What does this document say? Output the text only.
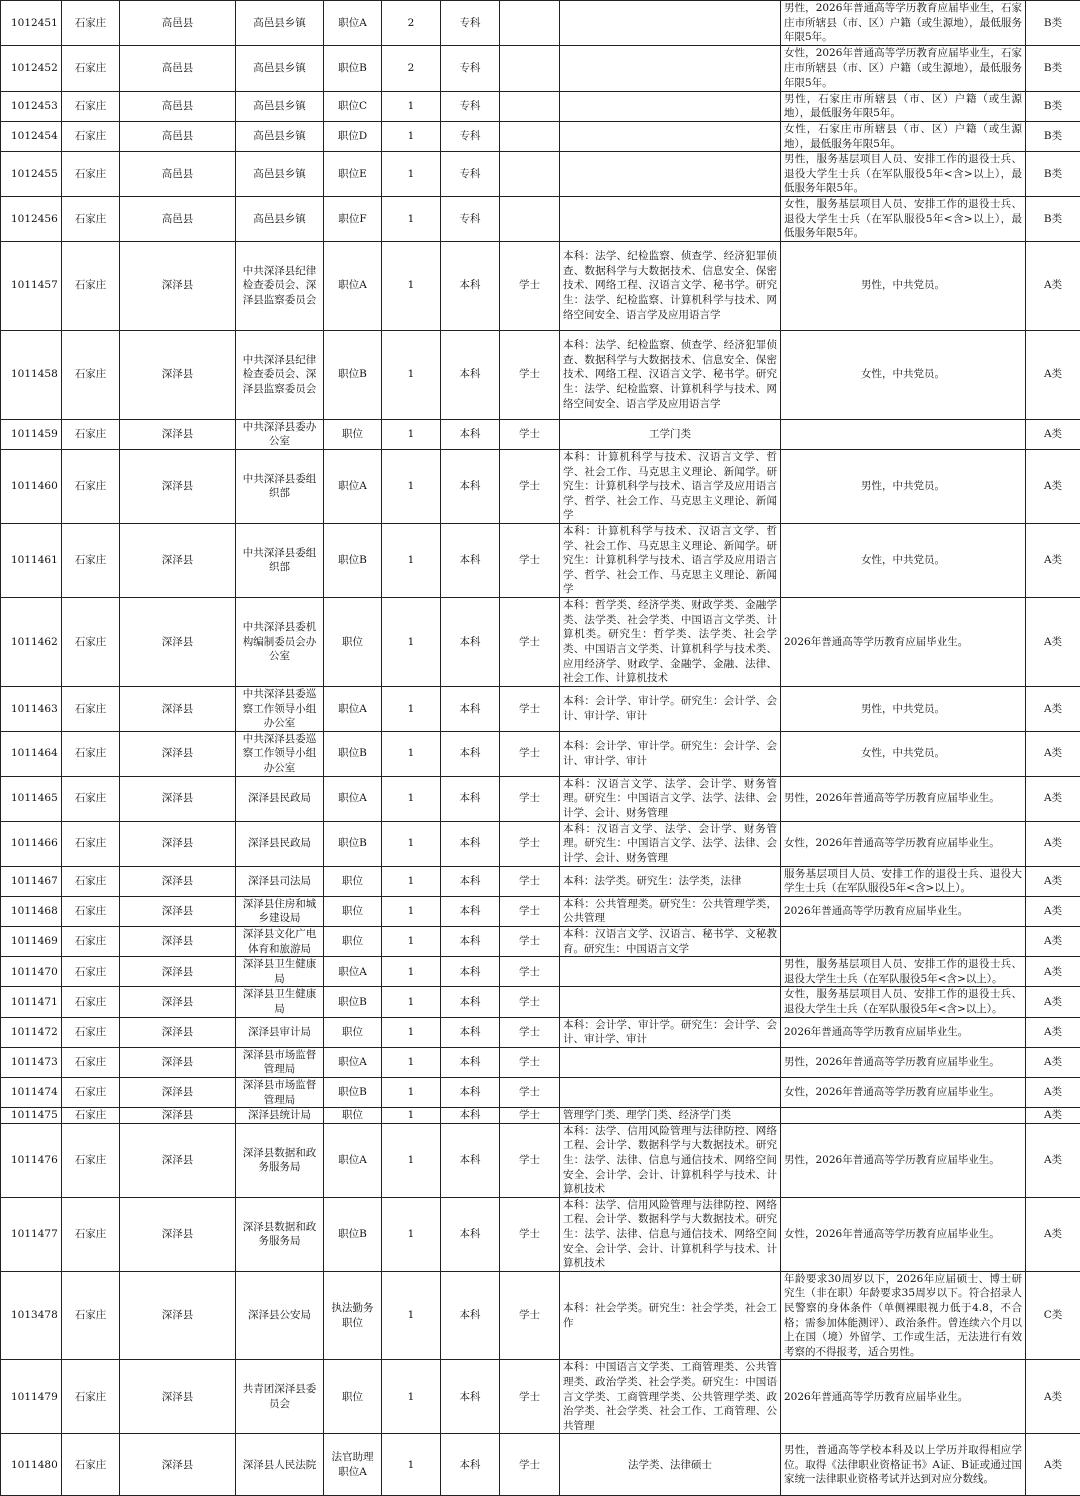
1012451	石家庄	高邑县	高邑县乡镇	职位A	2	专科			男性，2026年普通高等学历教育应届毕业生，石家庄市所辖县（市、区）户籍（或生源地），最低服务年限5年。	B类
1012452	石家庄	高邑县	高邑县乡镇	职位B	2	专科			女性，2026年普通高等学历教育应届毕业生，石家庄市所辖县（市、区）户籍（或生源地），最低服务年限5年。	B类
1012453	石家庄	高邑县	高邑县乡镇	职位C	1	专科			男性，石家庄市所辖县（市、区）户籍（或生源地），最低服务年限5年。	B类
1012454	石家庄	高邑县	高邑县乡镇	职位D	1	专科			女性，石家庄市所辖县（市、区）户籍（或生源地），最低服务年限5年。	B类
1012455	石家庄	高邑县	高邑县乡镇	职位E	1	专科			男性，服务基层项目人员、安排工作的退役士兵、退役大学生士兵（在军队服役5年<含>以上），最低服务年限5年。	B类
1012456	石家庄	高邑县	高邑县乡镇	职位F	1	专科			女性，服务基层项目人员、安排工作的退役士兵、退役大学生士兵（在军队服役5年<含>以上），最低服务年限5年。	B类
1011457	石家庄	深泽县	中共深泽县纪律检查委员会、深泽县监察委员会	职位A	1	本科	学士	本科：法学、纪检监察、侦查学、经济犯罪侦查、数据科学与大数据技术、信息安全、保密技术、网络工程、汉语言文学、秘书学。研究生：法学、纪检监察、计算机科学与技术、网络空间安全、语言学及应用语言学	男性，中共党员。	A类
1011458	石家庄	深泽县	中共深泽县纪律检查委员会、深泽县监察委员会	职位B	1	本科	学士	本科：法学、纪检监察、侦查学、经济犯罪侦查、数据科学与大数据技术、信息安全、保密技术、网络工程、汉语言文学、秘书学。研究生：法学、纪检监察、计算机科学与技术、网络空间安全、语言学及应用语言学	女性，中共党员。	A类
1011459	石家庄	深泽县	中共深泽县委办公室	职位	1	本科	学士	工学门类		A类
1011460	石家庄	深泽县	中共深泽县委组织部	职位A	1	本科	学士	本科：计算机科学与技术、汉语言文学、哲学、社会工作、马克思主义理论、新闻学。研究生：计算机科学与技术、语言学及应用语言学、哲学、社会工作、马克思主义理论、新闻学	男性，中共党员。	A类
1011461	石家庄	深泽县	中共深泽县委组织部	职位B	1	本科	学士	本科：计算机科学与技术、汉语言文学、哲学、社会工作、马克思主义理论、新闻学。研究生：计算机科学与技术、语言学及应用语言学、哲学、社会工作、马克思主义理论、新闻学	女性，中共党员。	A类
1011462	石家庄	深泽县	中共深泽县委机构编制委员会办公室	职位	1	本科	学士	本科：哲学类、经济学类、财政学类、金融学类、法学类、社会学类、中国语言文学类、计算机类。研究生：哲学类、法学类、社会学类、中国语言文学类、计算机科学与技术类、应用经济学、财政学、金融学、金融、法律、社会工作、计算机技术	2026年普通高等学历教育应届毕业生。	A类
1011463	石家庄	深泽县	中共深泽县委巡察工作领导小组办公室	职位A	1	本科	学士	本科：会计学、审计学。研究生：会计学、会计、审计学、审计	男性，中共党员。	A类
1011464	石家庄	深泽县	中共深泽县委巡察工作领导小组办公室	职位B	1	本科	学士	本科：会计学、审计学。研究生：会计学、会计、审计学、审计	女性，中共党员。	A类
1011465	石家庄	深泽县	深泽县民政局	职位A	1	本科	学士	本科：汉语言文学、法学、会计学、财务管理。研究生：中国语言文学、法学、法律、会计学、会计、财务管理	男性，2026年普通高等学历教育应届毕业生。	A类
1011466	石家庄	深泽县	深泽县民政局	职位B	1	本科	学士	本科：汉语言文学、法学、会计学、财务管理。研究生：中国语言文学、法学、法律、会计学、会计、财务管理	女性，2026年普通高等学历教育应届毕业生。	A类
1011467	石家庄	深泽县	深泽县司法局	职位	1	本科	学士	本科：法学类。研究生：法学类，法律	服务基层项目人员、安排工作的退役士兵、退役大学生士兵（在军队服役5年<含>以上）。	A类
1011468	石家庄	深泽县	深泽县住房和城乡建设局	职位	1	本科	学士	本科：公共管理类。研究生：公共管理学类，公共管理	2026年普通高等学历教育应届毕业生。	A类
1011469	石家庄	深泽县	深泽县文化广电体育和旅游局	职位	1	本科	学士	本科：汉语言文学、汉语言、秘书学、文秘教育。研究生：中国语言文学		A类
1011470	石家庄	深泽县	深泽县卫生健康局	职位A	1	本科	学士		男性，服务基层项目人员、安排工作的退役士兵、退役大学生士兵（在军队服役5年<含>以上）。	A类
1011471	石家庄	深泽县	深泽县卫生健康局	职位B	1	本科	学士		女性，服务基层项目人员、安排工作的退役士兵、退役大学生士兵（在军队服役5年<含>以上）。	A类
1011472	石家庄	深泽县	深泽县审计局	职位	1	本科	学士	本科：会计学、审计学。研究生：会计学、会计、审计学、审计	2026年普通高等学历教育应届毕业生。	A类
1011473	石家庄	深泽县	深泽县市场监督管理局	职位A	1	本科	学士		男性，2026年普通高等学历教育应届毕业生。	A类
1011474	石家庄	深泽县	深泽县市场监督管理局	职位B	1	本科	学士		女性，2026年普通高等学历教育应届毕业生。	A类
1011475	石家庄	深泽县	深泽县统计局	职位	1	本科	学士	管理学门类、理学门类、经济学门类		A类
1011476	石家庄	深泽县	深泽县数据和政务服务局	职位A	1	本科	学士	本科：法学、信用风险管理与法律防控、网络工程、会计学、数据科学与大数据技术。研究生：法学、法律、信息与通信技术、网络空间安全、会计学、会计、计算机科学与技术、计算机技术	男性，2026年普通高等学历教育应届毕业生。	A类
1011477	石家庄	深泽县	深泽县数据和政务服务局	职位B	1	本科	学士	本科：法学、信用风险管理与法律防控、网络工程、会计学、数据科学与大数据技术。研究生：法学、法律、信息与通信技术、网络空间安全、会计学、会计、计算机科学与技术、计算机技术	女性，2026年普通高等学历教育应届毕业生。	A类
1013478	石家庄	深泽县	深泽县公安局	执法勤务职位	1	本科	学士	本科：社会学类。研究生：社会学类，社会工作	年龄要求30周岁以下，2026年应届硕士、博士研究生（非在职）年龄要求35周岁以下。符合招录人民警察的身体条件（单侧裸眼视力低于4.8，不合格；需参加体能测评）、政治条件。曾连续六个月以上在国（境）外留学、工作或生活，无法进行有效考察的不得报考，适合男性。	C类
1011479	石家庄	深泽县	共青团深泽县委员会	职位	1	本科	学士	本科：中国语言文学类、工商管理类、公共管理类、政治学类、社会学类。研究生：中国语言文学类、工商管理学类、公共管理学类、政治学类、社会学类、社会工作、工商管理、公共管理	2026年普通高等学历教育应届毕业生。	A类
1011480	石家庄	深泽县	深泽县人民法院	法官助理职位A	1	本科	学士	法学类、法律硕士	男性，普通高等学校本科及以上学历并取得相应学位。取得《法律职业资格证书》A证、B证或通过国家统一法律职业资格考试并达到对应分数线。	A类
